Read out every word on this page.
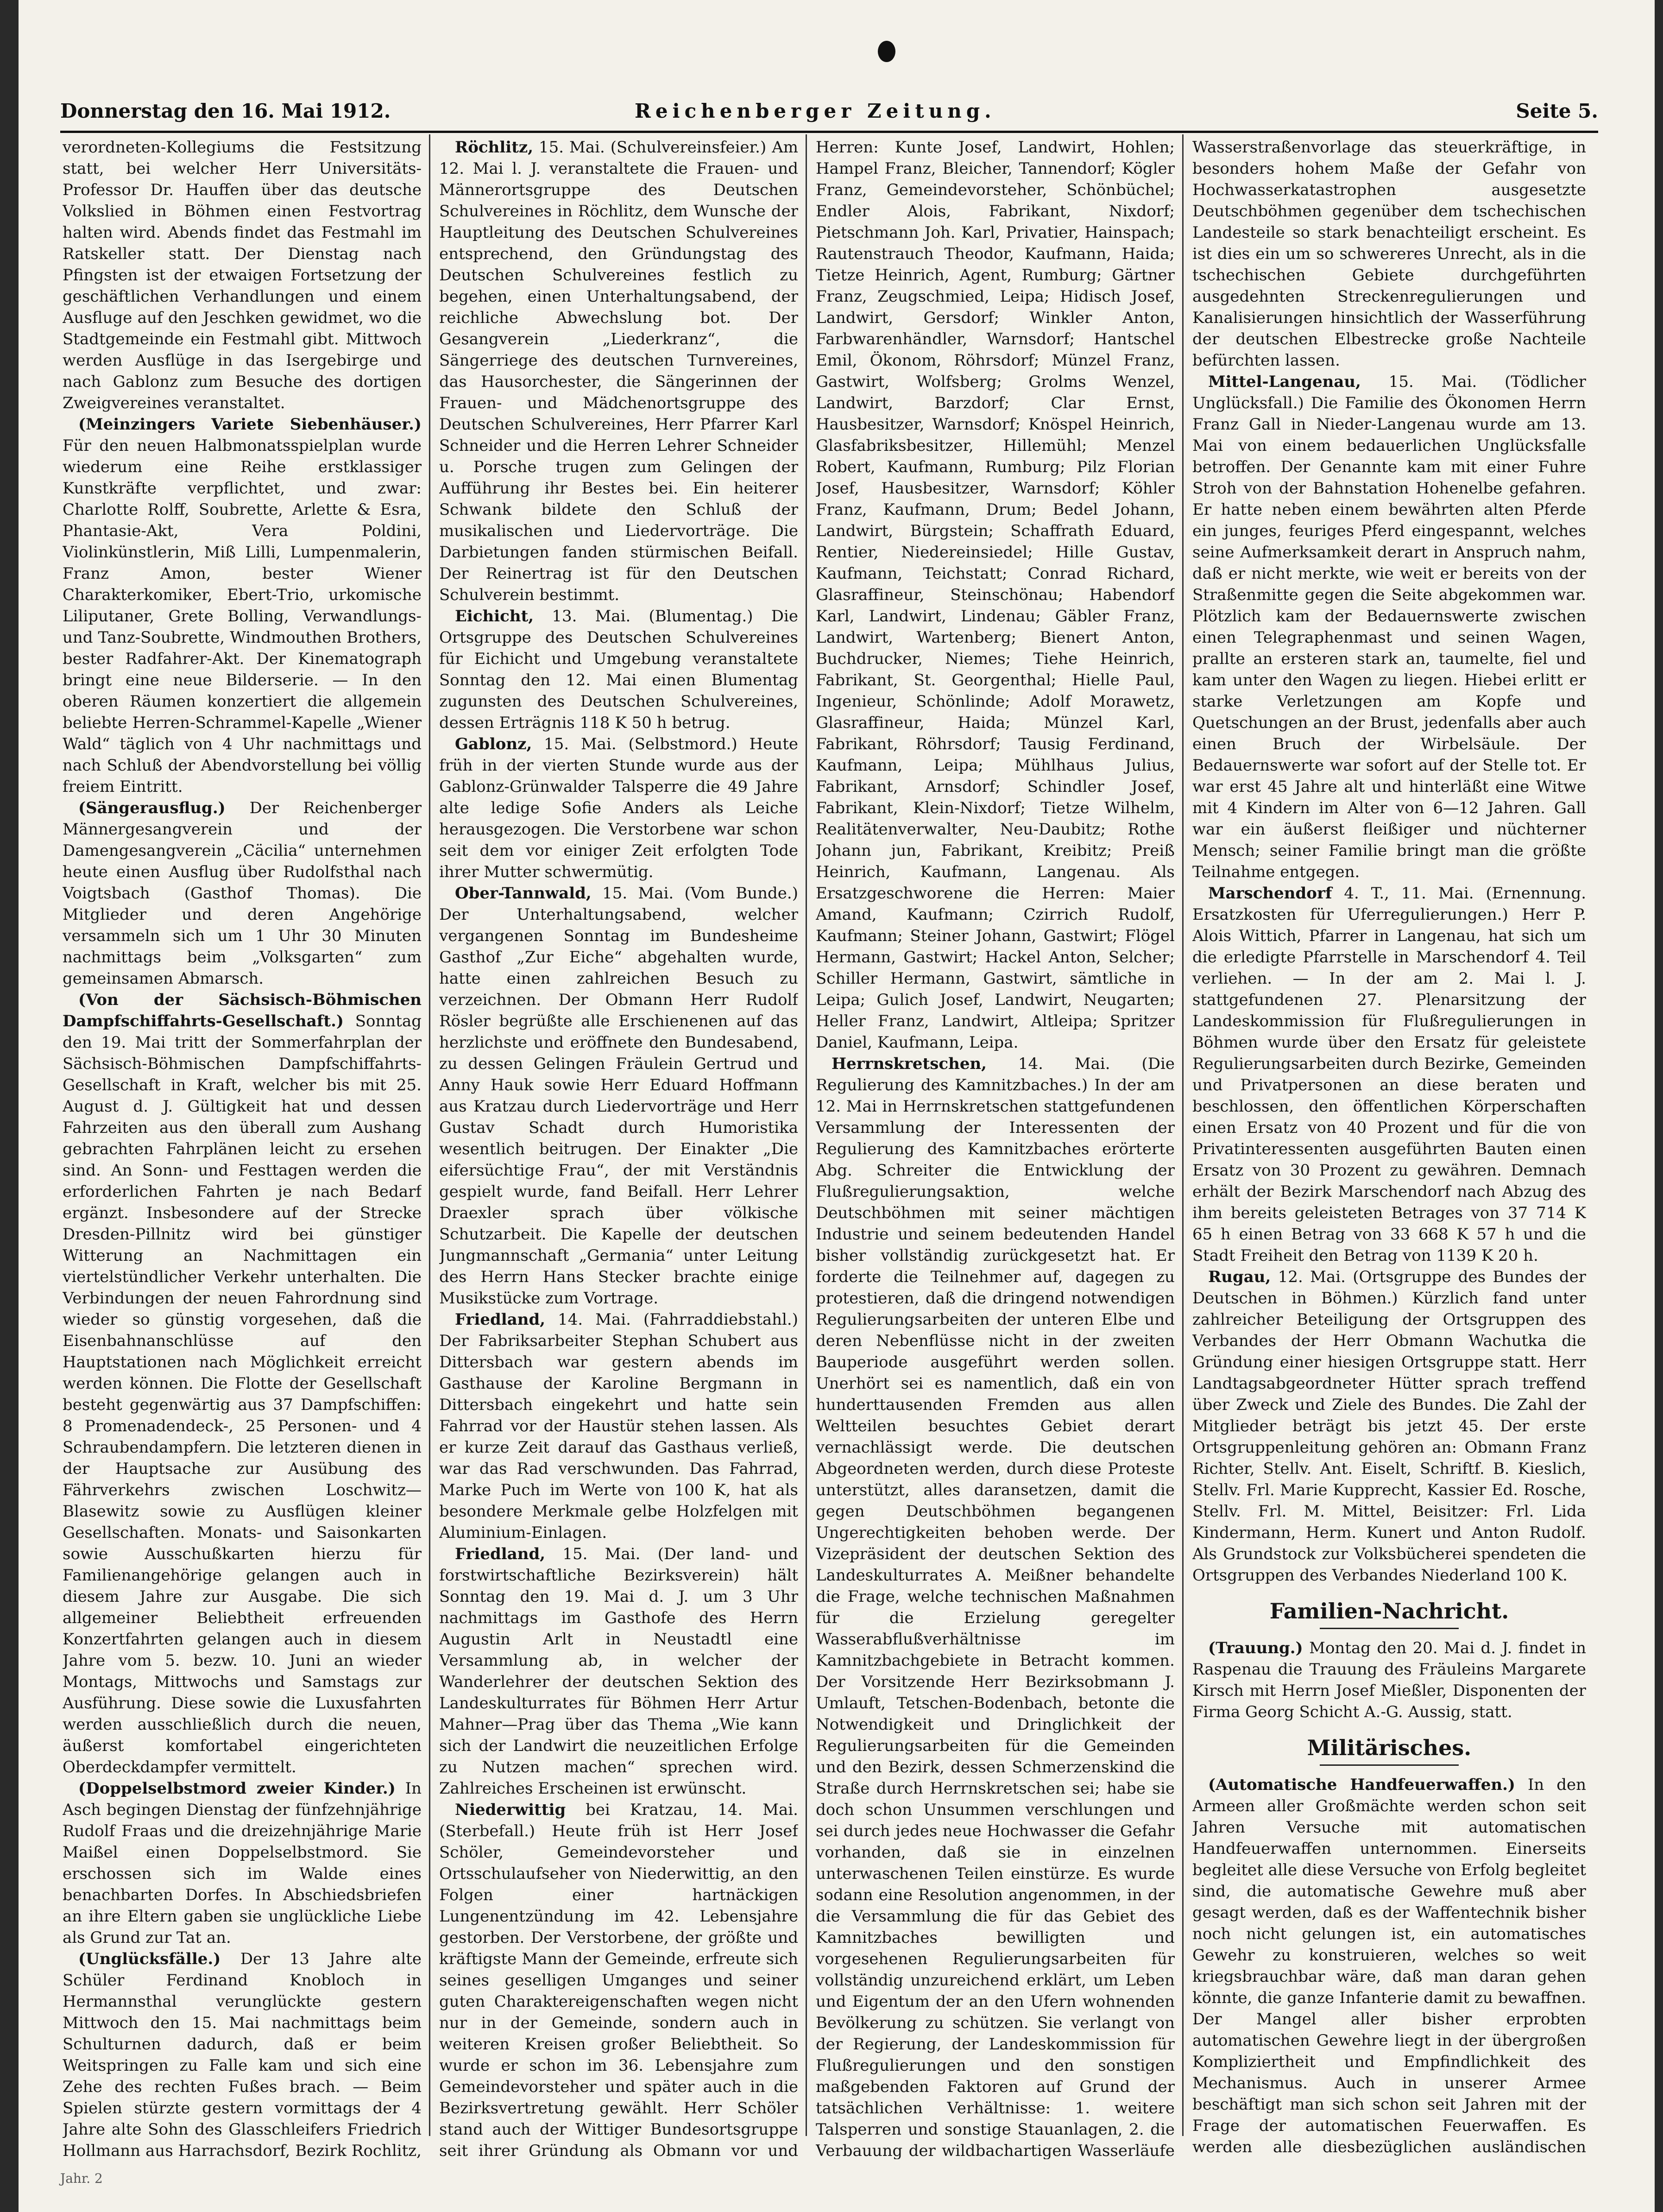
Donnerstag den 16. Mai 1912.	Reichenberger Zeitung.	Seite 5.

verordneten-Kollegiums die Festsitzung statt, bei welcher Herr Universitäts-Professor Dr. Hauffen über das deutsche Volkslied in Böhmen einen Festvortrag halten wird. Abends findet das Festmahl im Ratskeller statt. Der Dienstag nach Pfingsten ist der etwaigen Fortsetzung der geschäftlichen Verhandlungen und einem Ausfluge auf den Jeschken gewidmet, wo die Stadtgemeinde ein Festmahl gibt. Mittwoch werden Ausflüge in das Isergebirge und nach Gablonz zum Besuche des dortigen Zweigvereines veranstaltet.

(Meinzingers Variete Siebenhäuser.) Für den neuen Halbmonatsspielplan wurde wiederum eine Reihe erstklassiger Kunstkräfte verpflichtet, und zwar: Charlotte Rolff, Soubrette, Arlette & Esra, Phantasie-Akt, Vera Poldini, Violinkünstlerin, Miß Lilli, Lumpenmalerin, Franz Amon, bester Wiener Charakterkomiker, Ebert-Trio, urkomische Liliputaner, Grete Bolling, Verwandlungs- und Tanz-Soubrette, Windmouthen Brothers, bester Radfahrer-Akt. Der Kinematograph bringt eine neue Bilderserie. — In den oberen Räumen konzertiert die allgemein beliebte Herren-Schrammel-Kapelle „Wiener Wald“ täglich von 4 Uhr nachmittags und nach Schluß der Abendvorstellung bei völlig freiem Eintritt.

(Sängerausflug.) Der Reichenberger Männergesangverein und der Damengesangverein „Cäcilia“ unternehmen heute einen Ausflug über Rudolfsthal nach Voigtsbach (Gasthof Thomas). Die Mitglieder und deren Angehörige versammeln sich um 1 Uhr 30 Minuten nachmittags beim „Volksgarten“ zum gemeinsamen Abmarsch.

(Von der Sächsisch-Böhmischen Dampfschiffahrts-Gesellschaft.) Sonntag den 19. Mai tritt der Sommerfahrplan der Sächsisch-Böhmischen Dampfschiffahrts-Gesellschaft in Kraft, welcher bis mit 25. August d. J. Gültigkeit hat und dessen Fahrzeiten aus den überall zum Aushang gebrachten Fahrplänen leicht zu ersehen sind. An Sonn- und Festtagen werden die erforderlichen Fahrten je nach Bedarf ergänzt. Insbesondere auf der Strecke Dresden-Pillnitz wird bei günstiger Witterung an Nachmittagen ein viertelstündlicher Verkehr unterhalten. Die Verbindungen der neuen Fahrordnung sind wieder so günstig vorgesehen, daß die Eisenbahnanschlüsse auf den Hauptstationen nach Möglichkeit erreicht werden können. Die Flotte der Gesellschaft besteht gegenwärtig aus 37 Dampfschiffen: 8 Promenadendeck-, 25 Personen- und 4 Schraubendampfern. Die letzteren dienen in der Hauptsache zur Ausübung des Fährverkehrs zwischen Loschwitz—Blasewitz sowie zu Ausflügen kleiner Gesellschaften. Monats- und Saisonkarten sowie Ausschußkarten hierzu für Familienangehörige gelangen auch in diesem Jahre zur Ausgabe. Die sich allgemeiner Beliebtheit erfreuenden Konzertfahrten gelangen auch in diesem Jahre vom 5. bezw. 10. Juni an wieder Montags, Mittwochs und Samstags zur Ausführung. Diese sowie die Luxusfahrten werden ausschließlich durch die neuen, äußerst komfortabel eingerichteten Oberdeckdampfer vermittelt.

(Doppelselbstmord zweier Kinder.) In Asch begingen Dienstag der fünfzehnjährige Rudolf Fraas und die dreizehnjährige Marie Maißel einen Doppelselbstmord. Sie erschossen sich im Walde eines benachbarten Dorfes. In Abschiedsbriefen an ihre Eltern gaben sie unglückliche Liebe als Grund zur Tat an.

(Unglücksfälle.) Der 13 Jahre alte Schüler Ferdinand Knobloch in Hermannsthal verunglückte gestern Mittwoch den 15. Mai nachmittags beim Schulturnen dadurch, daß er beim Weitspringen zu Falle kam und sich eine Zehe des rechten Fußes brach. — Beim Spielen stürzte gestern vormittags der 4 Jahre alte Sohn des Glasschleifers Friedrich Hollmann aus Harrachsdorf, Bezirk Rochlitz,

Röchlitz, 15. Mai. (Schulvereinsfeier.) Am 12. Mai l. J. veranstaltete die Frauen- und Männerortsgruppe des Deutschen Schulvereines in Röchlitz, dem Wunsche der Hauptleitung des Deutschen Schulvereines entsprechend, den Gründungstag des Deutschen Schulvereines festlich zu begehen, einen Unterhaltungsabend, der reichliche Abwechslung bot. Der Gesangverein „Liederkranz“, die Sängerriege des deutschen Turnvereines, das Hausorchester, die Sängerinnen der Frauen- und Mädchenortsgruppe des Deutschen Schulvereines, Herr Pfarrer Karl Schneider und die Herren Lehrer Schneider u. Porsche trugen zum Gelingen der Aufführung ihr Bestes bei. Ein heiterer Schwank bildete den Schluß der musikalischen und Liedervorträge. Die Darbietungen fanden stürmischen Beifall. Der Reinertrag ist für den Deutschen Schulverein bestimmt.

Eichicht, 13. Mai. (Blumentag.) Die Ortsgruppe des Deutschen Schulvereines für Eichicht und Umgebung veranstaltete Sonntag den 12. Mai einen Blumentag zugunsten des Deutschen Schulvereines, dessen Erträgnis 118 K 50 h betrug.

Gablonz, 15. Mai. (Selbstmord.) Heute früh in der vierten Stunde wurde aus der Gablonz-Grünwalder Talsperre die 49 Jahre alte ledige Sofie Anders als Leiche herausgezogen. Die Verstorbene war schon seit dem vor einiger Zeit erfolgten Tode ihrer Mutter schwermütig.

Ober-Tannwald, 15. Mai. (Vom Bunde.) Der Unterhaltungsabend, welcher vergangenen Sonntag im Bundesheime Gasthof „Zur Eiche“ abgehalten wurde, hatte einen zahlreichen Besuch zu verzeichnen. Der Obmann Herr Rudolf Rösler begrüßte alle Erschienenen auf das herzlichste und eröffnete den Bundesabend, zu dessen Gelingen Fräulein Gertrud und Anny Hauk sowie Herr Eduard Hoffmann aus Kratzau durch Liedervorträge und Herr Gustav Schadt durch Humoristika wesentlich beitrugen. Der Einakter „Die eifersüchtige Frau“, der mit Verständnis gespielt wurde, fand Beifall. Herr Lehrer Draexler sprach über völkische Schutzarbeit. Die Kapelle der deutschen Jungmannschaft „Germania“ unter Leitung des Herrn Hans Stecker brachte einige Musikstücke zum Vortrage.

Friedland, 14. Mai. (Fahrraddiebstahl.) Der Fabriksarbeiter Stephan Schubert aus Dittersbach war gestern abends im Gasthause der Karoline Bergmann in Dittersbach eingekehrt und hatte sein Fahrrad vor der Haustür stehen lassen. Als er kurze Zeit darauf das Gasthaus verließ, war das Rad verschwunden. Das Fahrrad, Marke Puch im Werte von 100 K, hat als besondere Merkmale gelbe Holzfelgen mit Aluminium-Einlagen.

Friedland, 15. Mai. (Der land- und forstwirtschaftliche Bezirksverein) hält Sonntag den 19. Mai d. J. um 3 Uhr nachmittags im Gasthofe des Herrn Augustin Arlt in Neustadtl eine Versammlung ab, in welcher der Wanderlehrer der deutschen Sektion des Landeskulturrates für Böhmen Herr Artur Mahner—Prag über das Thema „Wie kann sich der Landwirt die neuzeitlichen Erfolge zu Nutzen machen“ sprechen wird. Zahlreiches Erscheinen ist erwünscht.

Niederwittig bei Kratzau, 14. Mai. (Sterbefall.) Heute früh ist Herr Josef Schöler, Gemeindevorsteher und Ortsschulaufseher von Niederwittig, an den Folgen einer hartnäckigen Lungenentzündung im 42. Lebensjahre gestorben. Der Verstorbene, der größte und kräftigste Mann der Gemeinde, erfreute sich seines geselligen Umganges und seiner guten Charaktereigenschaften wegen nicht nur in der Gemeinde, sondern auch in weiteren Kreisen großer Beliebtheit. So wurde er schon im 36. Lebensjahre zum Gemeindevorsteher und später auch in die Bezirksvertretung gewählt. Herr Schöler stand auch der Wittiger Bundesortsgruppe seit ihrer Gründung als Obmann vor und

Herren: Kunte Josef, Landwirt, Hohlen; Hampel Franz, Bleicher, Tannendorf; Kögler Franz, Gemeindevorsteher, Schönbüchel; Endler Alois, Fabrikant, Nixdorf; Pietschmann Joh. Karl, Privatier, Hainspach; Rautenstrauch Theodor, Kaufmann, Haida; Tietze Heinrich, Agent, Rumburg; Gärtner Franz, Zeugschmied, Leipa; Hidisch Josef, Landwirt, Gersdorf; Winkler Anton, Farbwarenhändler, Warnsdorf; Hantschel Emil, Ökonom, Röhrsdorf; Münzel Franz, Gastwirt, Wolfsberg; Grolms Wenzel, Landwirt, Barzdorf; Clar Ernst, Hausbesitzer, Warnsdorf; Knöspel Heinrich, Glasfabriksbesitzer, Hillemühl; Menzel Robert, Kaufmann, Rumburg; Pilz Florian Josef, Hausbesitzer, Warnsdorf; Köhler Franz, Kaufmann, Drum; Bedel Johann, Landwirt, Bürgstein; Schaffrath Eduard, Rentier, Niedereinsiedel; Hille Gustav, Kaufmann, Teichstatt; Conrad Richard, Glasraffineur, Steinschönau; Habendorf Karl, Landwirt, Lindenau; Gäbler Franz, Landwirt, Wartenberg; Bienert Anton, Buchdrucker, Niemes; Tiehe Heinrich, Fabrikant, St. Georgenthal; Hielle Paul, Ingenieur, Schönlinde; Adolf Morawetz, Glasraffineur, Haida; Münzel Karl, Fabrikant, Röhrsdorf; Tausig Ferdinand, Kaufmann, Leipa; Mühlhaus Julius, Fabrikant, Arnsdorf; Schindler Josef, Fabrikant, Klein-Nixdorf; Tietze Wilhelm, Realitätenverwalter, Neu-Daubitz; Rothe Johann jun, Fabrikant, Kreibitz; Preiß Heinrich, Kaufmann, Langenau. Als Ersatzgeschworene die Herren: Maier Amand, Kaufmann; Czirrich Rudolf, Kaufmann; Steiner Johann, Gastwirt; Flögel Hermann, Gastwirt; Hackel Anton, Selcher; Schiller Hermann, Gastwirt, sämtliche in Leipa; Gulich Josef, Landwirt, Neugarten; Heller Franz, Landwirt, Altleipa; Spritzer Daniel, Kaufmann, Leipa.

Herrnskretschen, 14. Mai. (Die Regulierung des Kamnitzbaches.) In der am 12. Mai in Herrnskretschen stattgefundenen Versammlung der Interessenten der Regulierung des Kamnitzbaches erörterte Abg. Schreiter die Entwicklung der Flußregulierungsaktion, welche Deutschböhmen mit seiner mächtigen Industrie und seinem bedeutenden Handel bisher vollständig zurückgesetzt hat. Er forderte die Teilnehmer auf, dagegen zu protestieren, daß die dringend notwendigen Regulierungsarbeiten der unteren Elbe und deren Nebenflüsse nicht in der zweiten Bauperiode ausgeführt werden sollen. Unerhört sei es namentlich, daß ein von hunderttausenden Fremden aus allen Weltteilen besuchtes Gebiet derart vernachlässigt werde. Die deutschen Abgeordneten werden, durch diese Proteste unterstützt, alles daransetzen, damit die gegen Deutschböhmen begangenen Ungerechtigkeiten behoben werde. Der Vizepräsident der deutschen Sektion des Landeskulturrates A. Meißner behandelte die Frage, welche technischen Maßnahmen für die Erzielung geregelter Wasserabflußverhältnisse im Kamnitzbachgebiete in Betracht kommen. Der Vorsitzende Herr Bezirksobmann J. Umlauft, Tetschen-Bodenbach, betonte die Notwendigkeit und Dringlichkeit der Regulierungsarbeiten für die Gemeinden und den Bezirk, dessen Schmerzenskind die Straße durch Herrnskretschen sei; habe sie doch schon Unsummen verschlungen und sei durch jedes neue Hochwasser die Gefahr vorhanden, daß sie in einzelnen unterwaschenen Teilen einstürze. Es wurde sodann eine Resolution angenommen, in der die Versammlung die für das Gebiet des Kamnitzbaches bewilligten und vorgesehenen Regulierungsarbeiten für vollständig unzureichend erklärt, um Leben und Eigentum der an den Ufern wohnenden Bevölkerung zu schützen. Sie verlangt von der Regierung, der Landeskommission für Flußregulierungen und den sonstigen maßgebenden Faktoren auf Grund der tatsächlichen Verhältnisse: 1. weitere Talsperren und sonstige Stauanlagen, 2. die Verbauung der wildbachartigen Wasserläufe

Wasserstraßenvorlage das steuerkräftige, in besonders hohem Maße der Gefahr von Hochwasserkatastrophen ausgesetzte Deutschböhmen gegenüber dem tschechischen Landesteile so stark benachteiligt erscheint. Es ist dies ein um so schwereres Unrecht, als in die tschechischen Gebiete durchgeführten ausgedehnten Streckenregulierungen und Kanalisierungen hinsichtlich der Wasserführung der deutschen Elbestrecke große Nachteile befürchten lassen.

Mittel-Langenau, 15. Mai. (Tödlicher Unglücksfall.) Die Familie des Ökonomen Herrn Franz Gall in Nieder-Langenau wurde am 13. Mai von einem bedauerlichen Unglücksfalle betroffen. Der Genannte kam mit einer Fuhre Stroh von der Bahnstation Hohenelbe gefahren. Er hatte neben einem bewährten alten Pferde ein junges, feuriges Pferd eingespannt, welches seine Aufmerksamkeit derart in Anspruch nahm, daß er nicht merkte, wie weit er bereits von der Straßenmitte gegen die Seite abgekommen war. Plötzlich kam der Bedauernswerte zwischen einen Telegraphenmast und seinen Wagen, prallte an ersteren stark an, taumelte, fiel und kam unter den Wagen zu liegen. Hiebei erlitt er starke Verletzungen am Kopfe und Quetschungen an der Brust, jedenfalls aber auch einen Bruch der Wirbelsäule. Der Bedauernswerte war sofort auf der Stelle tot. Er war erst 45 Jahre alt und hinterläßt eine Witwe mit 4 Kindern im Alter von 6—12 Jahren. Gall war ein äußerst fleißiger und nüchterner Mensch; seiner Familie bringt man die größte Teilnahme entgegen.

Marschendorf 4. T., 11. Mai. (Ernennung. Ersatzkosten für Uferregulierungen.) Herr P. Alois Wittich, Pfarrer in Langenau, hat sich um die erledigte Pfarrstelle in Marschendorf 4. Teil verliehen. — In der am 2. Mai l. J. stattgefundenen 27. Plenarsitzung der Landeskommission für Flußregulierungen in Böhmen wurde über den Ersatz für geleistete Regulierungsarbeiten durch Bezirke, Gemeinden und Privatpersonen an diese beraten und beschlossen, den öffentlichen Körperschaften einen Ersatz von 40 Prozent und für die von Privatinteressenten ausgeführten Bauten einen Ersatz von 30 Prozent zu gewähren. Demnach erhält der Bezirk Marschendorf nach Abzug des ihm bereits geleisteten Betrages von 37 714 K 65 h einen Betrag von 33 668 K 57 h und die Stadt Freiheit den Betrag von 1139 K 20 h.

Rugau, 12. Mai. (Ortsgruppe des Bundes der Deutschen in Böhmen.) Kürzlich fand unter zahlreicher Beteiligung der Ortsgruppen des Verbandes der Herr Obmann Wachutka die Gründung einer hiesigen Ortsgruppe statt. Herr Landtagsabgeordneter Hütter sprach treffend über Zweck und Ziele des Bundes. Die Zahl der Mitglieder beträgt bis jetzt 45. Der erste Ortsgruppenleitung gehören an: Obmann Franz Richter, Stellv. Ant. Eiselt, Schriftf. B. Kieslich, Stellv. Frl. Marie Kupprecht, Kassier Ed. Rosche, Stellv. Frl. M. Mittel, Beisitzer: Frl. Lida Kindermann, Herm. Kunert und Anton Rudolf. Als Grundstock zur Volksbücherei spendeten die Ortsgruppen des Verbandes Niederland 100 K.

Familien-Nachricht.

(Trauung.) Montag den 20. Mai d. J. findet in Raspenau die Trauung des Fräuleins Margarete Kirsch mit Herrn Josef Mießler, Disponenten der Firma Georg Schicht A.-G. Aussig, statt.

Militärisches.

(Automatische Handfeuerwaffen.) In den Armeen aller Großmächte werden schon seit Jahren Versuche mit automatischen Handfeuerwaffen unternommen. Einerseits begleitet alle diese Versuche von Erfolg begleitet sind, die automatische Gewehre muß aber gesagt werden, daß es der Waffentechnik bisher noch nicht gelungen ist, ein automatisches Gewehr zu konstruieren, welches so weit kriegsbrauchbar wäre, daß man daran gehen könnte, die ganze Infanterie damit zu bewaffnen. Der Mangel aller bisher erprobten automatischen Gewehre liegt in der übergroßen Kompliziertheit und Empfindlichkeit des Mechanismus. Auch in unserer Armee beschäftigt man sich schon seit Jahren mit der Frage der automatischen Feuerwaffen. Es werden alle diesbezüglichen ausländischen

Jahr. 2
